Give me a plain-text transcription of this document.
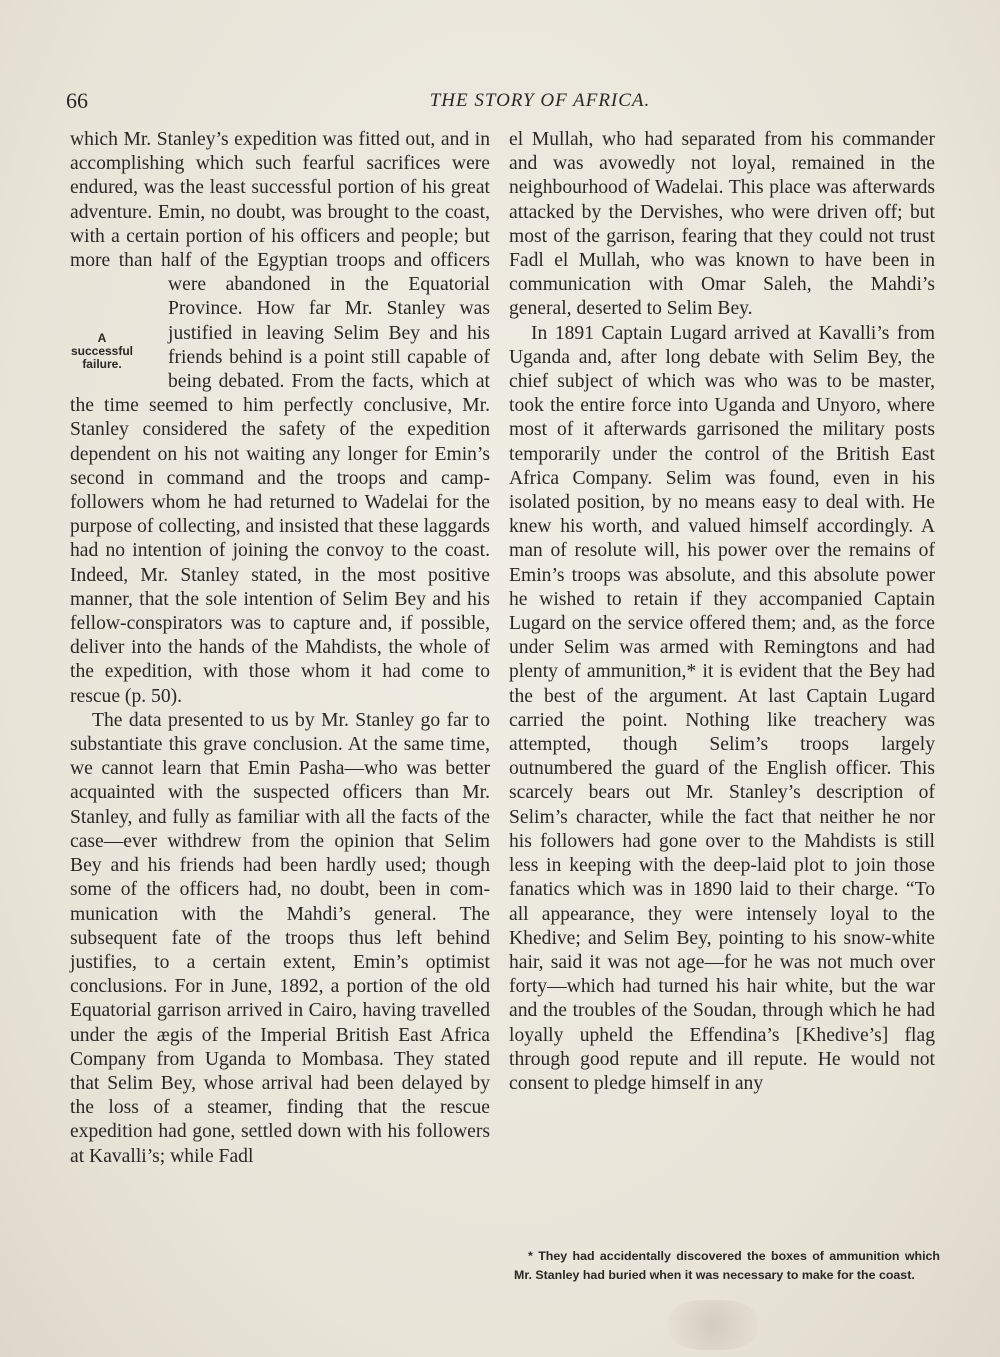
66	THE STORY OF AFRICA.
A successful
failure.

which Mr. Stanley’s expedition was fitted out, and in accomplishing which such fearful sacrifices were endured, was the least successful portion of his great adventure. Emin, no doubt, was brought to the coast, with a certain portion of his officers and people; but more than half of the Egyptian troops and officers were abandoned in the Equatorial Province. How far Mr. Stanley was justified in leaving Selim Bey and his friends behind is a point still capable of being debated. From the facts, which at the time seemed to him perfectly conclusive, Mr. Stanley considered the safety of the expedition dependent on his not waiting any longer for Emin’s second in command and the troops and camp-followers whom he had returned to Wadelai for the purpose of collecting, and insisted that these laggards had no intention of joining the convoy to the coast. Indeed, Mr. Stanley stated, in the most positive manner, that the sole intention of Selim Bey and his fellow-conspirators was to capture and, if possible, deliver into the hands of the Mahdists, the whole of the expedition, with those whom it had come to rescue (p. 50).

The data presented to us by Mr. Stanley go far to substantiate this grave conclusion. At the same time, we cannot learn that Emin Pasha—who was better acquainted with the suspected officers than Mr. Stanley, and fully as familiar with all the facts of the case—ever withdrew from the opinion that Selim Bey and his friends had been hardly used; though some of the officers had, no doubt, been in communication with the Mahdi’s general. The subsequent fate of the troops thus left behind justifies, to a certain extent, Emin’s optimist conclusions. For in June, 1892, a portion of the old Equatorial garrison arrived in Cairo, having travelled under the ægis of the Imperial British East Africa Company from Uganda to Mombasa. They stated that Selim Bey, whose arrival had been delayed by the loss of a steamer, finding that the rescue expedition had gone, settled down with his followers at Kavalli’s; while Fadl

el Mullah, who had separated from his commander and was avowedly not loyal, remained in the neighbourhood of Wadelai. This place was afterwards attacked by the Dervishes, who were driven off; but most of the garrison, fearing that they could not trust Fadl el Mullah, who was known to have been in communication with Omar Saleh, the Mahdi’s general, deserted to Selim Bey.

In 1891 Captain Lugard arrived at Kavalli’s from Uganda and, after long debate with Selim Bey, the chief subject of which was who was to be master, took the entire force into Uganda and Unyoro, where most of it afterwards garrisoned the military posts temporarily under the control of the British East Africa Company. Selim was found, even in his isolated position, by no means easy to deal with. He knew his worth, and valued himself accordingly. A man of resolute will, his power over the remains of Emin’s troops was absolute, and this absolute power he wished to retain if they accompanied Captain Lugard on the service offered them; and, as the force under Selim was armed with Remingtons and had plenty of ammunition,* it is evident that the Bey had the best of the argument. At last Captain Lugard carried the point. Nothing like treachery was attempted, though Selim’s troops largely outnumbered the guard of the English officer. This scarcely bears out Mr. Stanley’s description of Selim’s character, while the fact that neither he nor his followers had gone over to the Mahdists is still less in keeping with the deep-laid plot to join those fanatics which was in 1890 laid to their charge. “To all appearance, they were intensely loyal to the Khedive; and Selim Bey, pointing to his snow-white hair, said it was not age—for he was not much over forty—which had turned his hair white, but the war and the troubles of the Soudan, through which he had loyally upheld the Effendina’s [Khedive’s] flag through good repute and ill repute. He would not consent to pledge himself in any

* They had accidentally discovered the boxes of ammunition which Mr. Stanley had buried when it was necessary to make for the coast.
